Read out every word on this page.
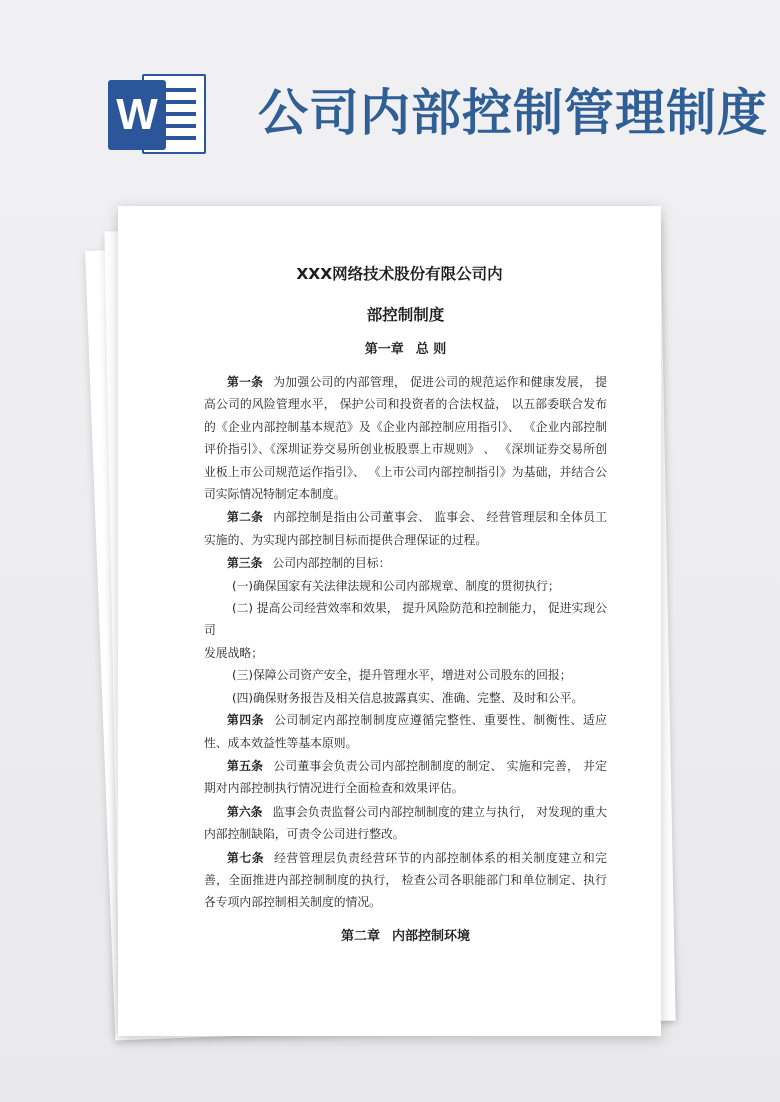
W 公司内部控制管理制度
XXX网络技术股份有限公司内
部控制制度
第一章 总 则

第一条 为加强公司的内部管理， 促进公司的规范运作和健康发展， 提高公司的风险管理水平， 保护公司和投资者的合法权益， 以五部委联合发布的《企业内部控制基本规范》及《企业内部控制应用指引》、 《企业内部控制评价指引》、《深圳证券交易所创业板股票上市规则》 、 《深圳证券交易所创业板上市公司规范运作指引》、 《上市公司内部控制指引》为基础，并结合公司实际情况特制定本制度。

第二条 内部控制是指由公司董事会、 监事会、 经营管理层和全体员工实施的、为实现内部控制目标而提供合理保证的过程。

第三条 公司内部控制的目标：

(一)确保国家有关法律法规和公司内部规章、制度的贯彻执行；

(二) 提高公司经营效率和效果， 提升风险防范和控制能力， 促进实现公司

发展战略；

(三)保障公司资产安全，提升管理水平，增进对公司股东的回报；

(四)确保财务报告及相关信息披露真实、准确、完整、及时和公平。

第四条 公司制定内部控制制度应遵循完整性、重要性、制衡性、适应性、成本效益性等基本原则。

第五条 公司董事会负责公司内部控制制度的制定、 实施和完善， 并定期对内部控制执行情况进行全面检查和效果评估。

第六条 监事会负责监督公司内部控制制度的建立与执行， 对发现的重大内部控制缺陷，可责令公司进行整改。

第七条 经营管理层负责经营环节的内部控制体系的相关制度建立和完善，全面推进内部控制制度的执行， 检查公司各职能部门和单位制定、执行各专项内部控制相关制度的情况。

第二章 内部控制环境
